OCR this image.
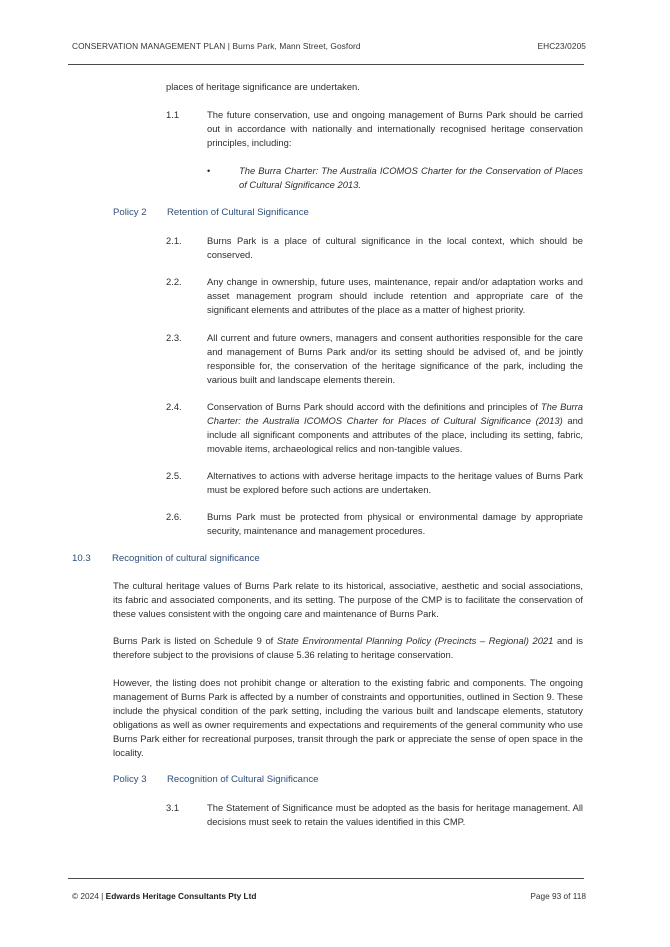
CONSERVATION MANAGEMENT PLAN | Burns Park, Mann Street, Gosford	EHC23/0205
places of heritage significance are undertaken.
1.1	The future conservation, use and ongoing management of Burns Park should be carried out in accordance with nationally and internationally recognised heritage conservation principles, including:
•	The Burra Charter: The Australia ICOMOS Charter for the Conservation of Places of Cultural Significance 2013.
Policy 2 Retention of Cultural Significance
2.1.	Burns Park is a place of cultural significance in the local context, which should be conserved.
2.2.	Any change in ownership, future uses, maintenance, repair and/or adaptation works and asset management program should include retention and appropriate care of the significant elements and attributes of the place as a matter of highest priority.
2.3.	All current and future owners, managers and consent authorities responsible for the care and management of Burns Park and/or its setting should be advised of, and be jointly responsible for, the conservation of the heritage significance of the park, including the various built and landscape elements therein.
2.4.	Conservation of Burns Park should accord with the definitions and principles of The Burra Charter: the Australia ICOMOS Charter for Places of Cultural Significance (2013) and include all significant components and attributes of the place, including its setting, fabric, movable items, archaeological relics and non-tangible values.
2.5.	Alternatives to actions with adverse heritage impacts to the heritage values of Burns Park must be explored before such actions are undertaken.
2.6.	Burns Park must be protected from physical or environmental damage by appropriate security, maintenance and management procedures.
10.3 Recognition of cultural significance
The cultural heritage values of Burns Park relate to its historical, associative, aesthetic and social associations, its fabric and associated components, and its setting. The purpose of the CMP is to facilitate the conservation of these values consistent with the ongoing care and maintenance of Burns Park.
Burns Park is listed on Schedule 9 of State Environmental Planning Policy (Precincts – Regional) 2021 and is therefore subject to the provisions of clause 5.36 relating to heritage conservation.
However, the listing does not prohibit change or alteration to the existing fabric and components. The ongoing management of Burns Park is affected by a number of constraints and opportunities, outlined in Section 9. These include the physical condition of the park setting, including the various built and landscape elements, statutory obligations as well as owner requirements and expectations and requirements of the general community who use Burns Park either for recreational purposes, transit through the park or appreciate the sense of open space in the locality.
Policy 3 Recognition of Cultural Significance
3.1	The Statement of Significance must be adopted as the basis for heritage management. All decisions must seek to retain the values identified in this CMP.
© 2024 | Edwards Heritage Consultants Pty Ltd	Page 93 of 118
